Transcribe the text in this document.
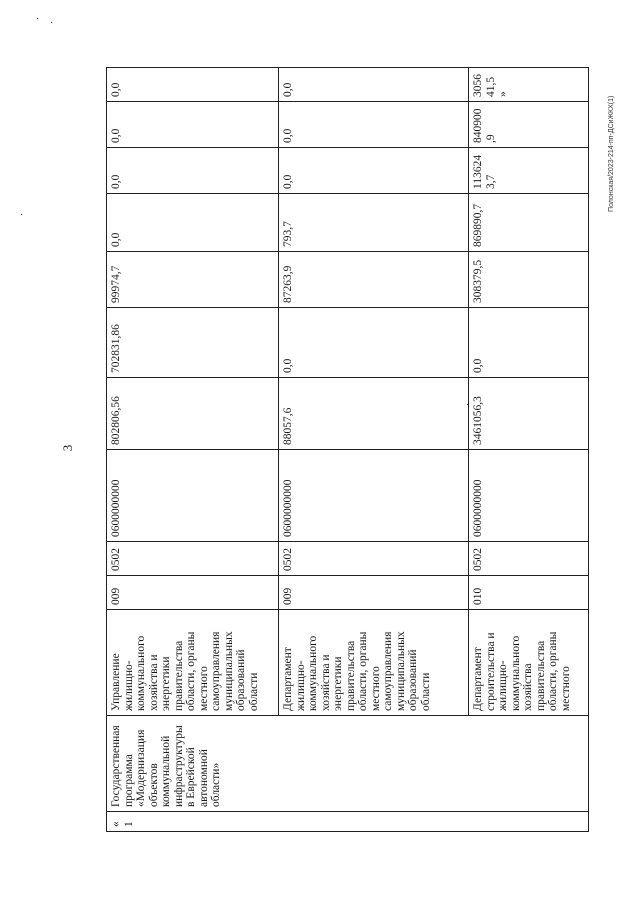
· ·
·
·
3
Полонская/2023-214-пп-ДСиЖКХ(1)
«1	Государственная программа «Модернизация объектов коммунальной инфраструктуры в Еврейской автономной области»	Управление жилищно-коммунального хозяйства и энергетики правительства области, органы местного самоуправления муниципальных образований области	009	0502	0600000000	802806,56	702831,86	99974,7	0,0	0,0	0,0	0,0
		Департамент жилищно-коммунального хозяйства и энергетики правительства области, органы местного самоуправления муниципальных образований области	009	0502	0600000000	88057,6	0,0	87263,9	793,7	0,0	0,0	0,0
		Департамент строительства и жилищно-коммунального хозяйства правительства области, органы местного	010	0502	0600000000	3461056,3	0,0	308379,5	869890,7	1136243,7	840900,9	305641,5»
